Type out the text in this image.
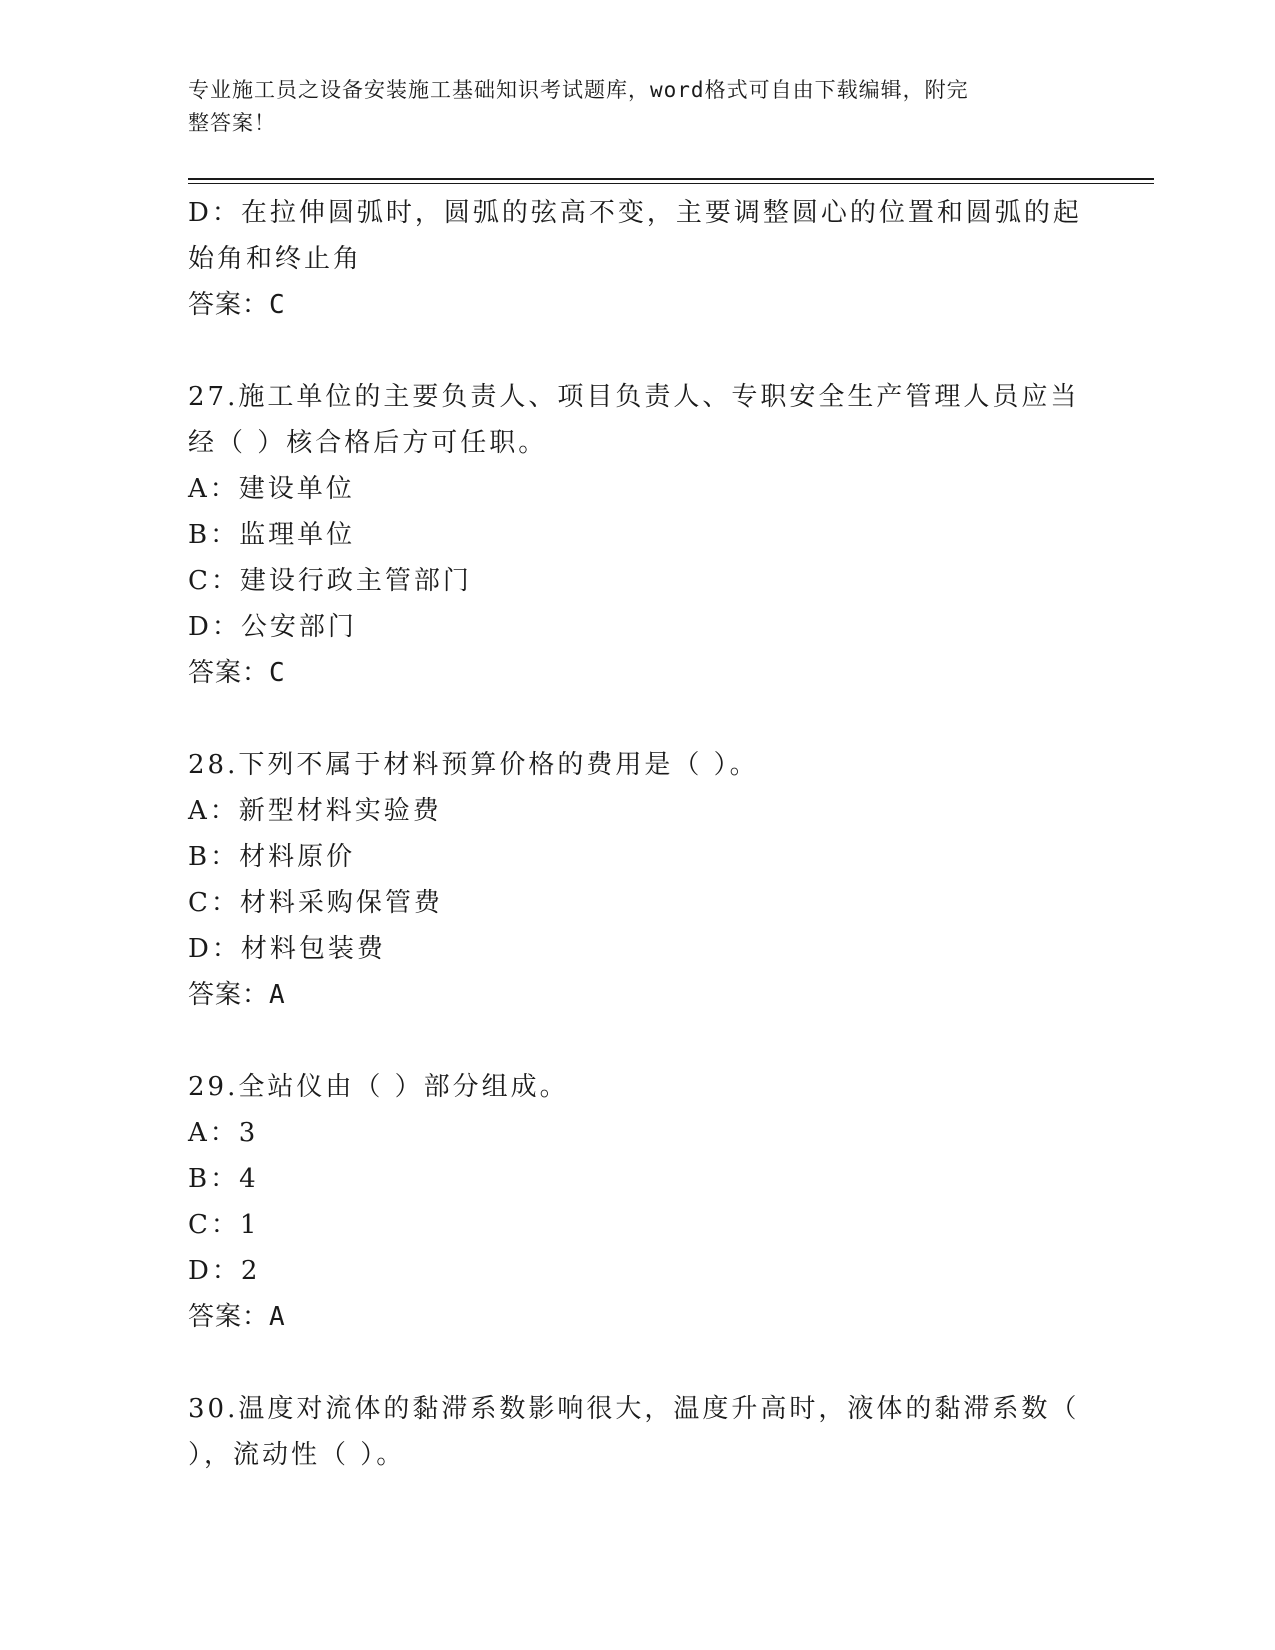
专业施工员之设备安装施工基础知识考试题库，word格式可自由下载编辑，附完
整答案！
D：在拉伸圆弧时，圆弧的弦高不变，主要调整圆心的位置和圆弧的起
始角和终止角
答案：C
27.施工单位的主要负责人、项目负责人、专职安全生产管理人员应当
经（ ）核合格后方可任职。
A：建设单位
B：监理单位
C：建设行政主管部门
D：公安部门
答案：C
28.下列不属于材料预算价格的费用是（ ）。
A：新型材料实验费
B：材料原价
C：材料采购保管费
D：材料包装费
答案：A
29.全站仪由（ ）部分组成。
A：3
B：4
C：1
D：2
答案：A
30.温度对流体的黏滞系数影响很大，温度升高时，液体的黏滞系数（
），流动性（ ）。
